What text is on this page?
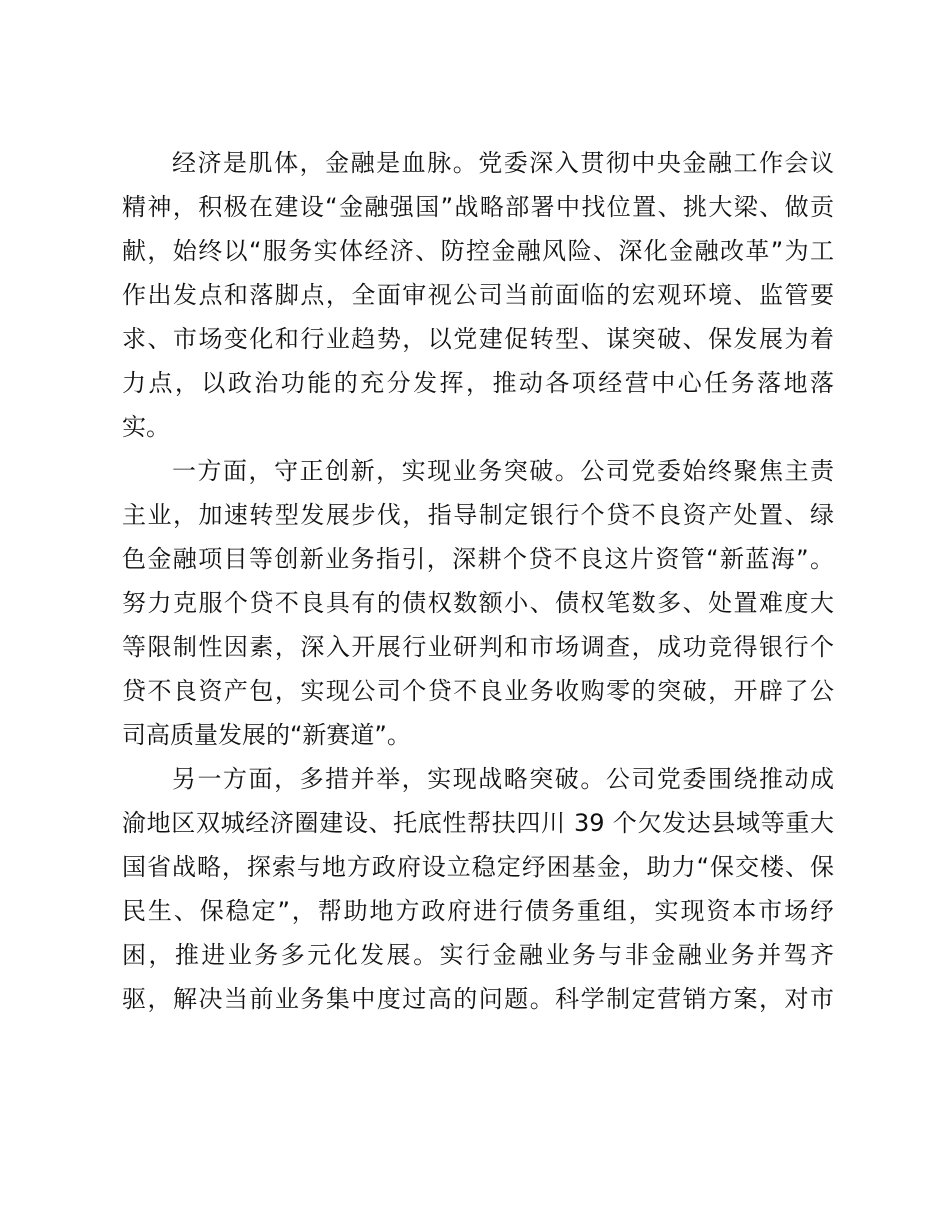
经济是肌体，金融是血脉。党委深入贯彻中央金融工作会议
精神，积极在建设“金融强国”战略部署中找位置、挑大梁、做贡
献，始终以“服务实体经济、防控金融风险、深化金融改革”为工
作出发点和落脚点，全面审视公司当前面临的宏观环境、监管要
求、市场变化和行业趋势，以党建促转型、谋突破、保发展为着
力点，以政治功能的充分发挥，推动各项经营中心任务落地落
实。
一方面，守正创新，实现业务突破。公司党委始终聚焦主责
主业，加速转型发展步伐，指导制定银行个贷不良资产处置、绿
色金融项目等创新业务指引，深耕个贷不良这片资管“新蓝海”。
努力克服个贷不良具有的债权数额小、债权笔数多、处置难度大
等限制性因素，深入开展行业研判和市场调查，成功竞得银行个
贷不良资产包，实现公司个贷不良业务收购零的突破，开辟了公
司高质量发展的“新赛道”。
另一方面，多措并举，实现战略突破。公司党委围绕推动成
渝地区双城经济圈建设、托底性帮扶四川 39 个欠发达县域等重大
国省战略，探索与地方政府设立稳定纾困基金，助力“保交楼、保
民生、保稳定”，帮助地方政府进行债务重组，实现资本市场纾
困，推进业务多元化发展。实行金融业务与非金融业务并驾齐
驱，解决当前业务集中度过高的问题。科学制定营销方案，对市
